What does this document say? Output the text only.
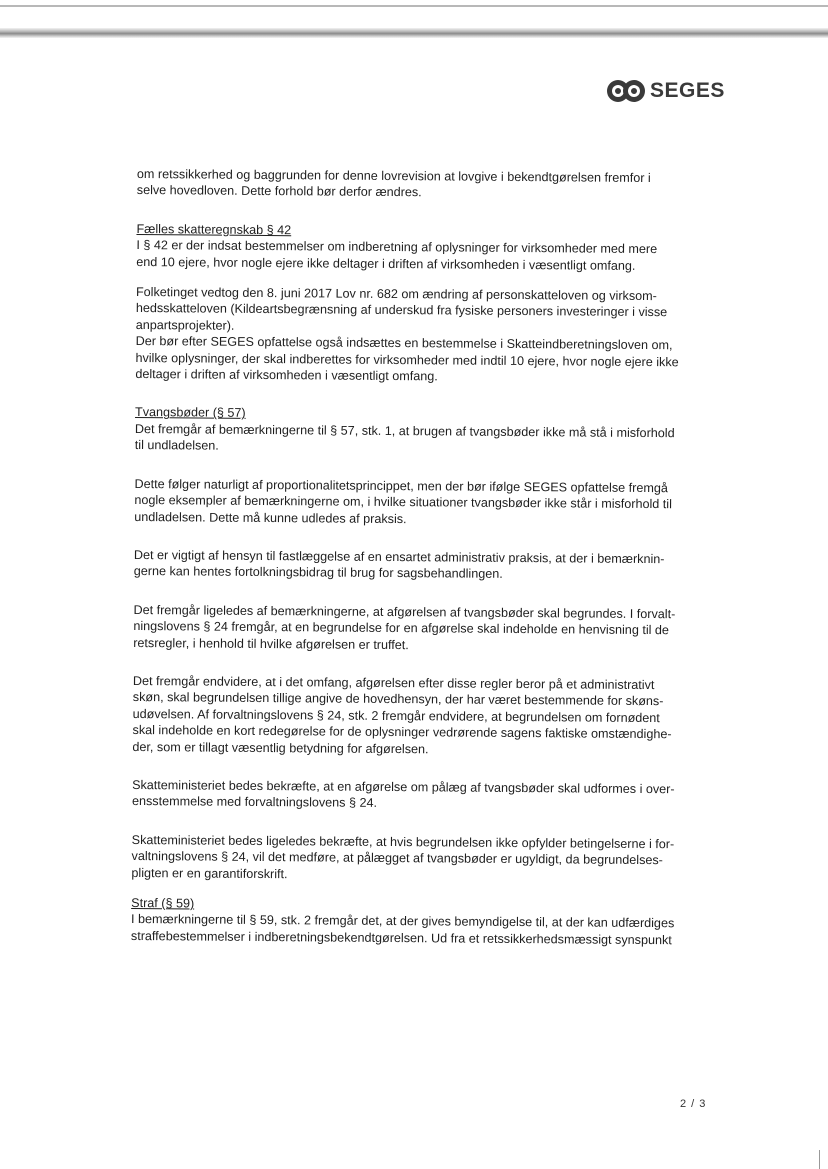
SEGES

om retssikkerhed og baggrunden for denne lovrevision at lovgive i bekendtgørelsen fremfor i
selve hovedloven. Dette forhold bør derfor ændres.

Fælles skatteregnskab § 42

I § 42 er der indsat bestemmelser om indberetning af oplysninger for virksomheder med mere
end 10 ejere, hvor nogle ejere ikke deltager i driften af virksomheden i væsentligt omfang.

Folketinget vedtog den 8. juni 2017 Lov nr. 682 om ændring af personskatteloven og virksom-
hedsskatteloven (Kildeartsbegrænsning af underskud fra fysiske personers investeringer i visse
anpartsprojekter).

Der bør efter SEGES opfattelse også indsættes en bestemmelse i Skatteindberetningsloven om,
hvilke oplysninger, der skal indberettes for virksomheder med indtil 10 ejere, hvor nogle ejere ikke
deltager i driften af virksomheden i væsentligt omfang.

Tvangsbøder (§ 57)

Det fremgår af bemærkningerne til § 57, stk. 1, at brugen af tvangsbøder ikke må stå i misforhold
til undladelsen.

Dette følger naturligt af proportionalitetsprincippet, men der bør ifølge SEGES opfattelse fremgå
nogle eksempler af bemærkningerne om, i hvilke situationer tvangsbøder ikke står i misforhold til
undladelsen. Dette må kunne udledes af praksis.

Det er vigtigt af hensyn til fastlæggelse af en ensartet administrativ praksis, at der i bemærknin-
gerne kan hentes fortolkningsbidrag til brug for sagsbehandlingen.

Det fremgår ligeledes af bemærkningerne, at afgørelsen af tvangsbøder skal begrundes. I forvalt-
ningslovens § 24 fremgår, at en begrundelse for en afgørelse skal indeholde en henvisning til de
retsregler, i henhold til hvilke afgørelsen er truffet.

Det fremgår endvidere, at i det omfang, afgørelsen efter disse regler beror på et administrativt
skøn, skal begrundelsen tillige angive de hovedhensyn, der har været bestemmende for skøns-
udøvelsen. Af forvaltningslovens § 24, stk. 2 fremgår endvidere, at begrundelsen om fornødent
skal indeholde en kort redegørelse for de oplysninger vedrørende sagens faktiske omstændighe-
der, som er tillagt væsentlig betydning for afgørelsen.

Skatteministeriet bedes bekræfte, at en afgørelse om pålæg af tvangsbøder skal udformes i over-
ensstemmelse med forvaltningslovens § 24.

Skatteministeriet bedes ligeledes bekræfte, at hvis begrundelsen ikke opfylder betingelserne i for-
valtningslovens § 24, vil det medføre, at pålægget af tvangsbøder er ugyldigt, da begrundelses-
pligten er en garantiforskrift.

Straf (§ 59)

I bemærkningerne til § 59, stk. 2 fremgår det, at der gives bemyndigelse til, at der kan udfærdiges
straffebestemmelser i indberetningsbekendtgørelsen. Ud fra et retssikkerhedsmæssigt synspunkt

2 / 3
